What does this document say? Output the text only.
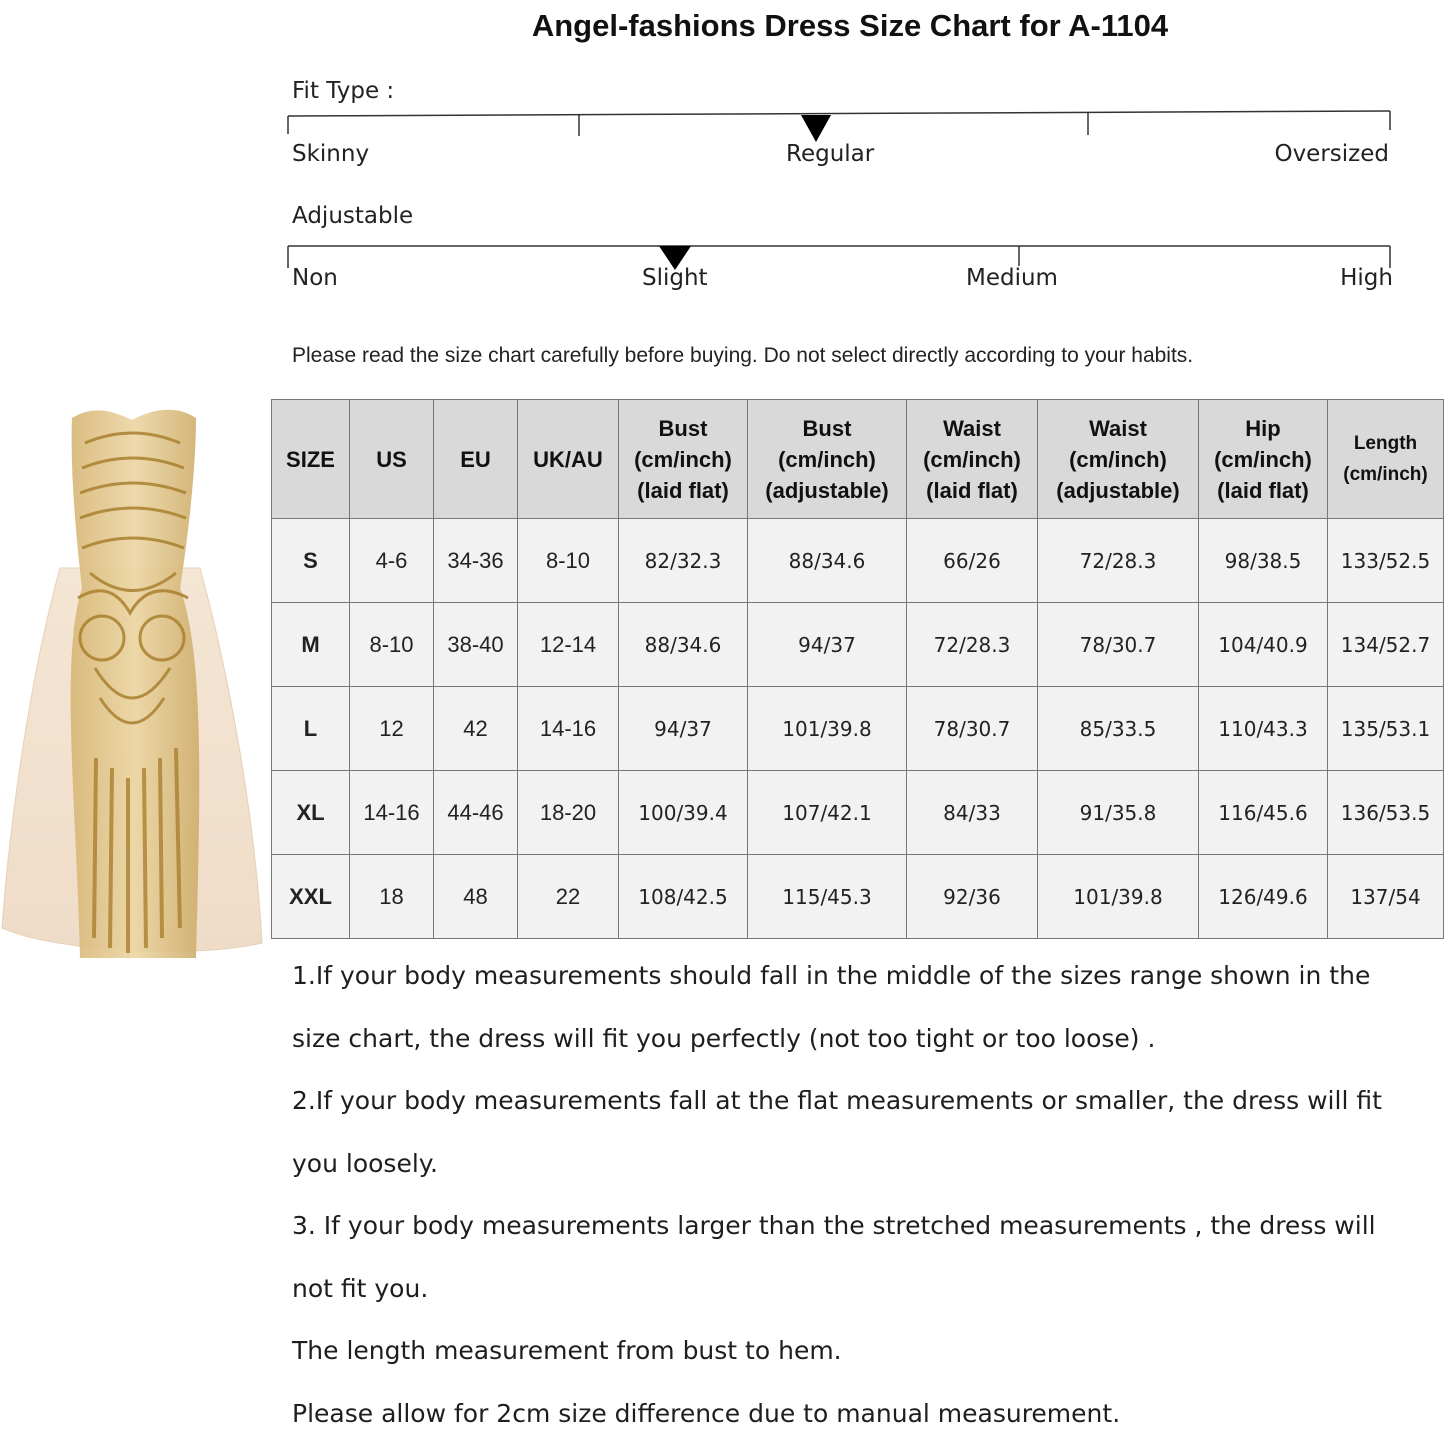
Angel-fashions Dress Size Chart for A-1104
Fit Type :
Skinny	Regular	Oversized
Adjustable
Non	Slight	Medium	High
Please read the size chart carefully before buying. Do not select directly according to your habits.
SIZE	US	EU	UK/AU	Bust
(cm/inch)
(laid flat)	Bust
(cm/inch)
(adjustable)	Waist
(cm/inch)
(laid flat)	Waist
(cm/inch)
(adjustable)	Hip
(cm/inch)
(laid flat)	Length
(cm/inch)

S	4-6	34-36	8-10	82/32.3	88/34.6	66/26	72/28.3	98/38.5	133/52.5
M	8-10	38-40	12-14	88/34.6	94/37	72/28.3	78/30.7	104/40.9	134/52.7
L	12	42	14-16	94/37	101/39.8	78/30.7	85/33.5	110/43.3	135/53.1
XL	14-16	44-46	18-20	100/39.4	107/42.1	84/33	91/35.8	116/45.6	136/53.5
XXL	18	48	22	108/42.5	115/45.3	92/36	101/39.8	126/49.6	137/54

1.If your body measurements should fall in the middle of the sizes range shown in the size chart, the dress will fit you perfectly (not too tight or too loose) .

2.If your body measurements fall at the flat measurements or smaller, the dress will fit you loosely.

3. If your body measurements larger than the stretched measurements , the dress will not fit you.

The length measurement from bust to hem.

Please allow for 2cm size difference due to manual measurement.
